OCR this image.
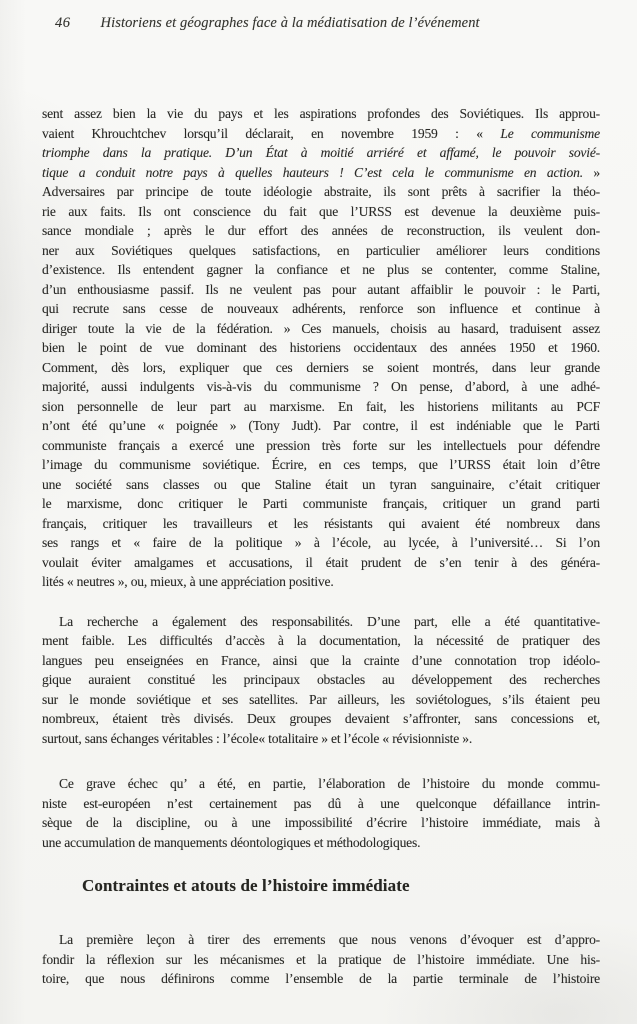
46 Historiens et géographes face à la médiatisation de l’événement
sent assez bien la vie du pays et les aspirations profondes des Soviétiques. Ils approu-
vaient Khrouchtchev lorsqu’il déclarait, en novembre 1959 : « Le communisme
triomphe dans la pratique. D’un État à moitié arriéré et affamé, le pouvoir sovié-
tique a conduit notre pays à quelles hauteurs ! C’est cela le communisme en action. »
Adversaires par principe de toute idéologie abstraite, ils sont prêts à sacrifier la théo-
rie aux faits. Ils ont conscience du fait que l’URSS est devenue la deuxième puis-
sance mondiale ; après le dur effort des années de reconstruction, ils veulent don-
ner aux Soviétiques quelques satisfactions, en particulier améliorer leurs conditions
d’existence. Ils entendent gagner la confiance et ne plus se contenter, comme Staline,
d’un enthousiasme passif. Ils ne veulent pas pour autant affaiblir le pouvoir : le Parti,
qui recrute sans cesse de nouveaux adhérents, renforce son influence et continue à
diriger toute la vie de la fédération. » Ces manuels, choisis au hasard, traduisent assez
bien le point de vue dominant des historiens occidentaux des années 1950 et 1960.
Comment, dès lors, expliquer que ces derniers se soient montrés, dans leur grande
majorité, aussi indulgents vis-à-vis du communisme ? On pense, d’abord, à une adhé-
sion personnelle de leur part au marxisme. En fait, les historiens militants au PCF
n’ont été qu’une « poignée » (Tony Judt). Par contre, il est indéniable que le Parti
communiste français a exercé une pression très forte sur les intellectuels pour défendre
l’image du communisme soviétique. Écrire, en ces temps, que l’URSS était loin d’être
une société sans classes ou que Staline était un tyran sanguinaire, c’était critiquer
le marxisme, donc critiquer le Parti communiste français, critiquer un grand parti
français, critiquer les travailleurs et les résistants qui avaient été nombreux dans
ses rangs et « faire de la politique » à l’école, au lycée, à l’université… Si l’on
voulait éviter amalgames et accusations, il était prudent de s’en tenir à des généra-
lités « neutres », ou, mieux, à une appréciation positive.
La recherche a également des responsabilités. D’une part, elle a été quantitative-
ment faible. Les difficultés d’accès à la documentation, la nécessité de pratiquer des
langues peu enseignées en France, ainsi que la crainte d’une connotation trop idéolo-
gique auraient constitué les principaux obstacles au développement des recherches
sur le monde soviétique et ses satellites. Par ailleurs, les soviétologues, s’ils étaient peu
nombreux, étaient très divisés. Deux groupes devaient s’affronter, sans concessions et,
surtout, sans échanges véritables : l’école« totalitaire » et l’école « révisionniste ».
Ce grave échec qu’ a été, en partie, l’élaboration de l’histoire du monde commu-
niste est-européen n’est certainement pas dû à une quelconque défaillance intrin-
sèque de la discipline, ou à une impossibilité d’écrire l’histoire immédiate, mais à
une accumulation de manquements déontologiques et méthodologiques.
Contraintes et atouts de l’histoire immédiate
La première leçon à tirer des errements que nous venons d’évoquer est d’appro-
fondir la réflexion sur les mécanismes et la pratique de l’histoire immédiate. Une his-
toire, que nous définirons comme l’ensemble de la partie terminale de l’histoire
